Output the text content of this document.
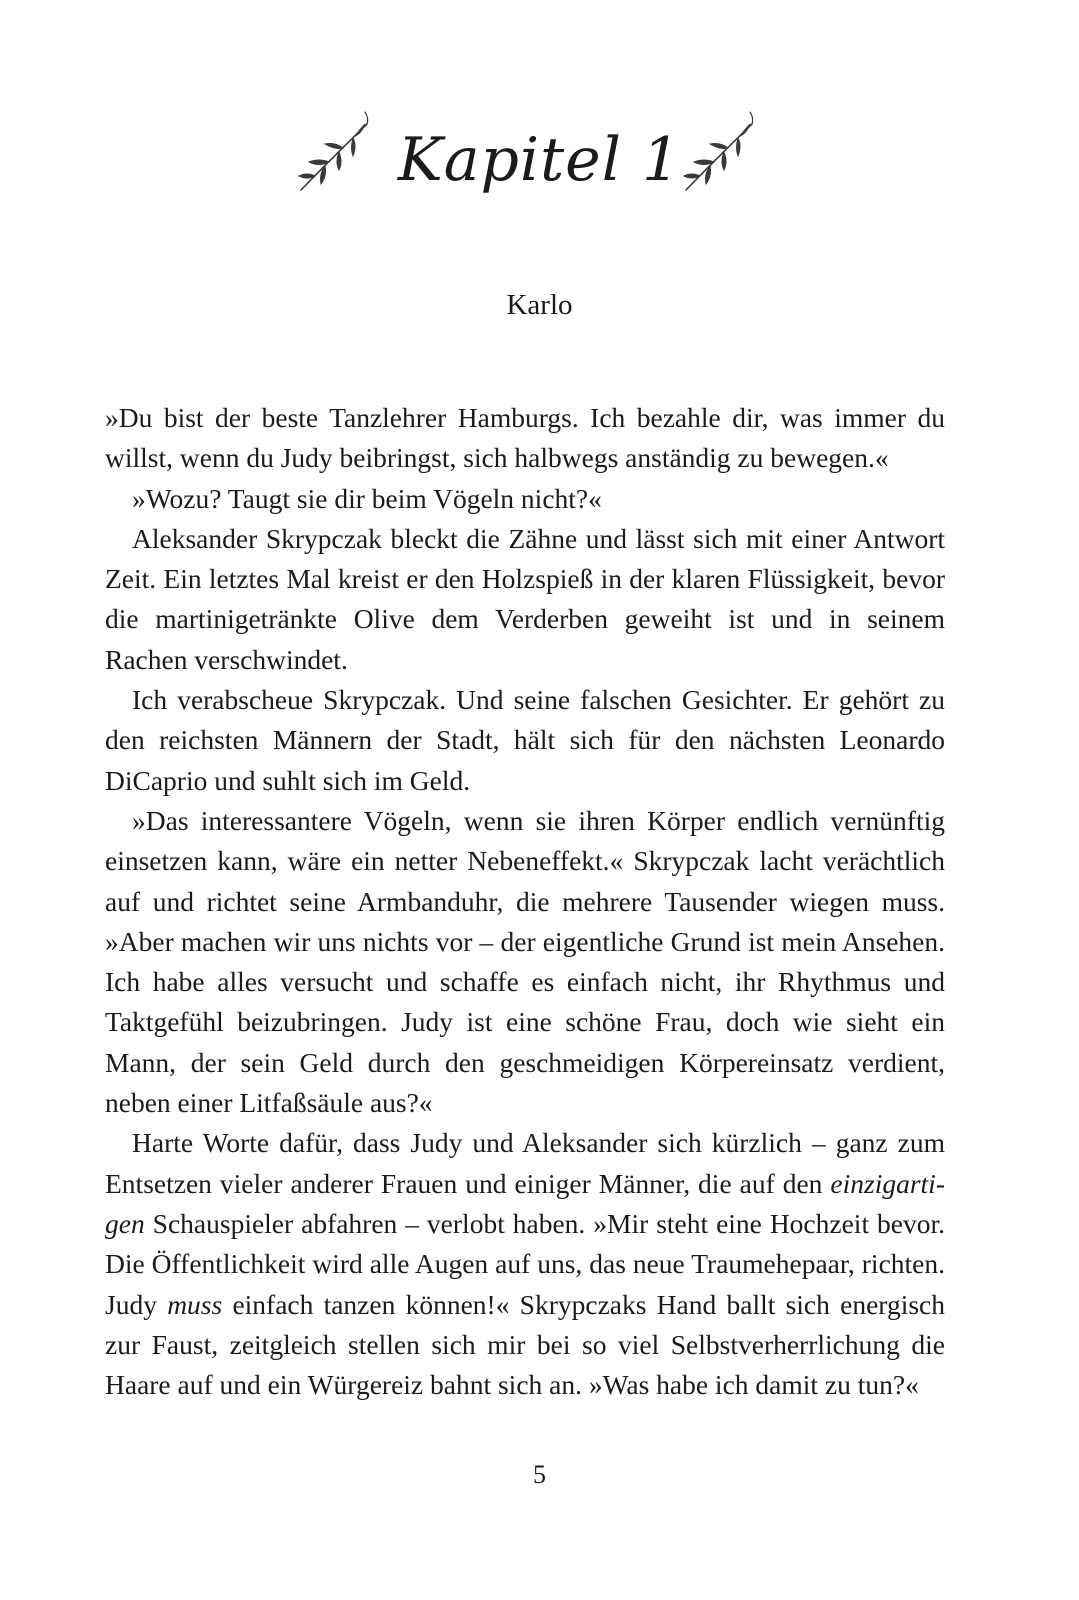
Kapitel 1
Karlo

»Du bist der beste Tanzlehrer Hamburgs. Ich bezahle dir, was immer du willst, wenn du Judy beibringst, sich halbwegs anständig zu bewegen.«

»Wozu? Taugt sie dir beim Vögeln nicht?«

Aleksander Skrypczak bleckt die Zähne und lässt sich mit einer Antwort Zeit. Ein letztes Mal kreist er den Holzspieß in der klaren Flüssigkeit, bevor die martinigetränkte Olive dem Verderben geweiht ist und in seinem Rachen verschwindet.

Ich verabscheue Skrypczak. Und seine falschen Gesichter. Er gehört zu den reichsten Männern der Stadt, hält sich für den nächsten Leonardo DiCaprio und suhlt sich im Geld.

»Das interessantere Vögeln, wenn sie ihren Körper endlich vernünftig einsetzen kann, wäre ein netter Nebeneffekt.« Skrypczak lacht verächtlich auf und richtet seine Armbanduhr, die mehrere Tausender wiegen muss. »Aber machen wir uns nichts vor – der eigentliche Grund ist mein Ansehen. Ich habe alles versucht und schaffe es einfach nicht, ihr Rhythmus und Taktgefühl beizubringen. Judy ist eine schöne Frau, doch wie sieht ein Mann, der sein Geld durch den geschmeidigen Körpereinsatz verdient, neben einer Litfaßsäule aus?«

Harte Worte dafür, dass Judy und Aleksander sich kürzlich – ganz zum Entsetzen vieler anderer Frauen und einiger Männer, die auf den einzigartigen Schauspieler abfahren – verlobt haben. »Mir steht eine Hochzeit bevor. Die Öffentlichkeit wird alle Augen auf uns, das neue Traumehepaar, richten. Judy muss einfach tanzen können!« Skrypczaks Hand ballt sich energisch zur Faust, zeitgleich stellen sich mir bei so viel Selbstverherrlichung die Haare auf und ein Würgereiz bahnt sich an. »Was habe ich damit zu tun?«

5
